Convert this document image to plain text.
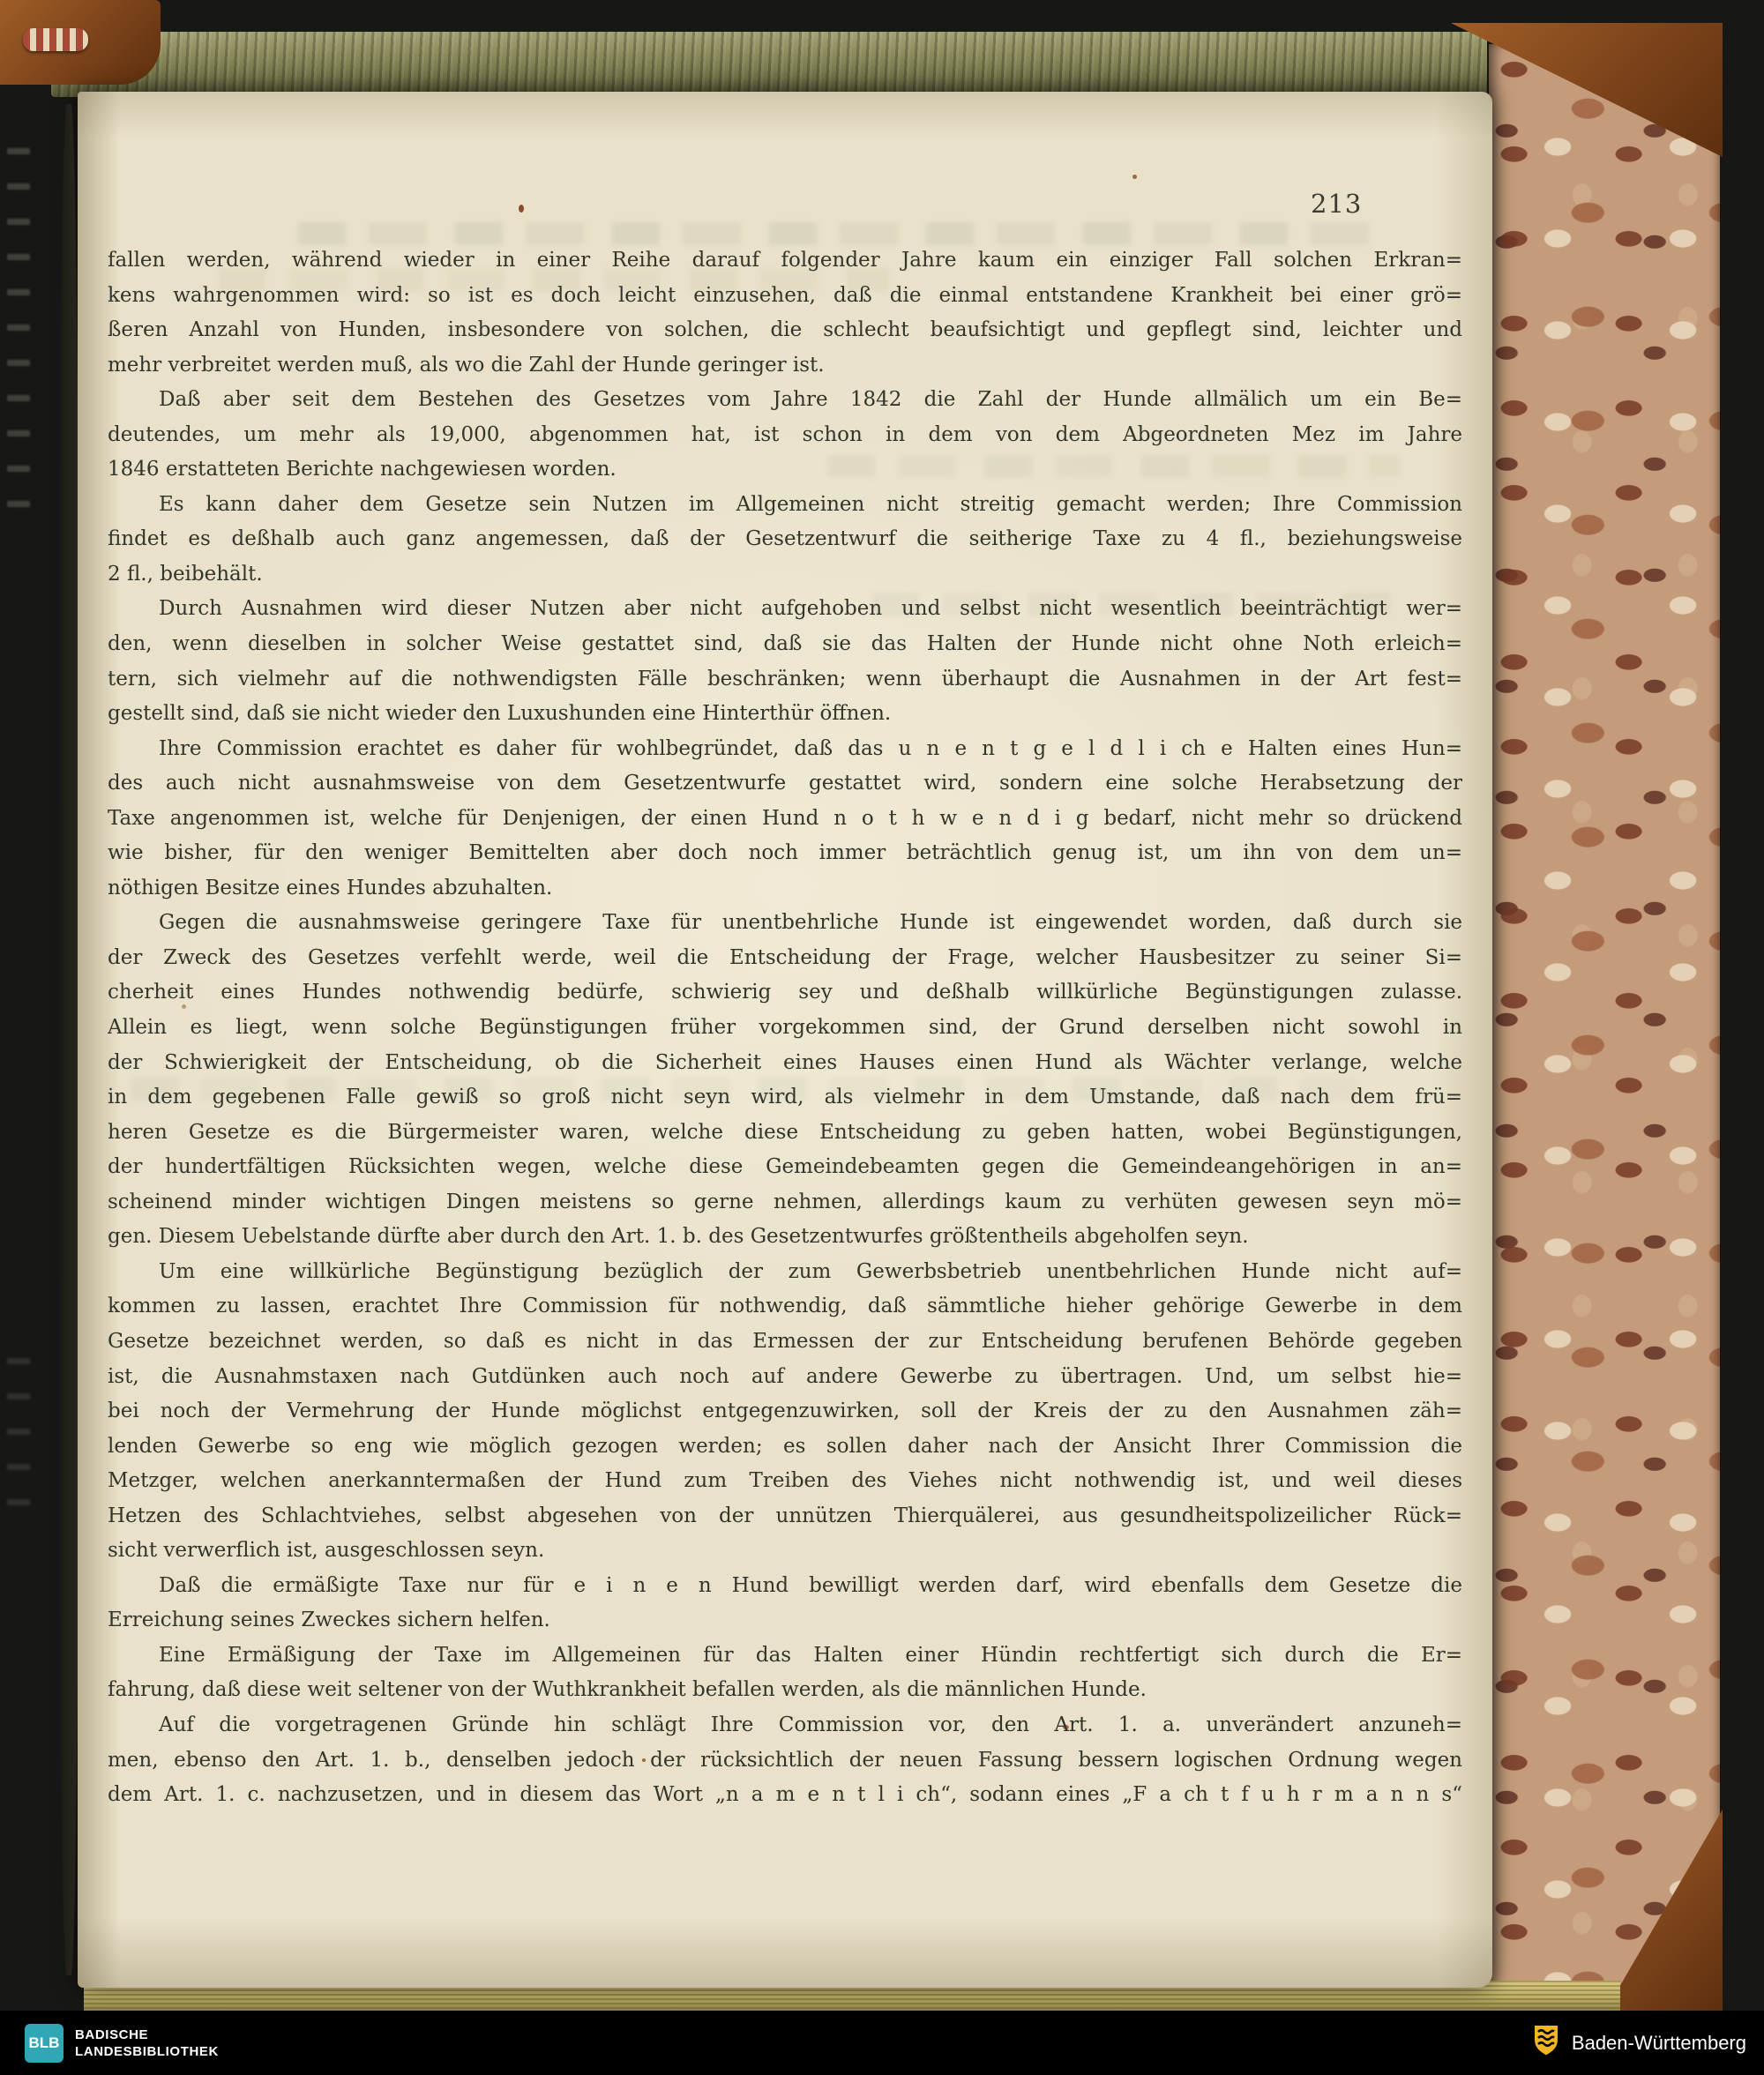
213
fallen werden, während wieder in einer Reihe darauf folgender Jahre kaum ein einziger Fall solchen Erkran=
kens wahrgenommen wird: so ist es doch leicht einzusehen, daß die einmal entstandene Krankheit bei einer grö=
ßeren Anzahl von Hunden, insbesondere von solchen, die schlecht beaufsichtigt und gepflegt sind, leichter und
mehr verbreitet werden muß, als wo die Zahl der Hunde geringer ist.
Daß aber seit dem Bestehen des Gesetzes vom Jahre 1842 die Zahl der Hunde allmälich um ein Be=
deutendes, um mehr als 19,000, abgenommen hat, ist schon in dem von dem Abgeordneten Mez im Jahre
1846 erstatteten Berichte nachgewiesen worden.
Es kann daher dem Gesetze sein Nutzen im Allgemeinen nicht streitig gemacht werden; Ihre Commission
findet es deßhalb auch ganz angemessen, daß der Gesetzentwurf die seitherige Taxe zu 4 fl., beziehungsweise
2 fl., beibehält.
Durch Ausnahmen wird dieser Nutzen aber nicht aufgehoben und selbst nicht wesentlich beeinträchtigt wer=
den, wenn dieselben in solcher Weise gestattet sind, daß sie das Halten der Hunde nicht ohne Noth erleich=
tern, sich vielmehr auf die nothwendigsten Fälle beschränken; wenn überhaupt die Ausnahmen in der Art fest=
gestellt sind, daß sie nicht wieder den Luxushunden eine Hinterthür öffnen.
Ihre Commission erachtet es daher für wohlbegründet, daß das u n e n t g e l d l i ch e Halten eines Hun=
des auch nicht ausnahmsweise von dem Gesetzentwurfe gestattet wird, sondern eine solche Herabsetzung der
Taxe angenommen ist, welche für Denjenigen, der einen Hund n o t h w e n d i g bedarf, nicht mehr so drückend
wie bisher, für den weniger Bemittelten aber doch noch immer beträchtlich genug ist, um ihn von dem un=
nöthigen Besitze eines Hundes abzuhalten.
Gegen die ausnahmsweise geringere Taxe für unentbehrliche Hunde ist eingewendet worden, daß durch sie
der Zweck des Gesetzes verfehlt werde, weil die Entscheidung der Frage, welcher Hausbesitzer zu seiner Si=
cherheit eines Hundes nothwendig bedürfe, schwierig sey und deßhalb willkürliche Begünstigungen zulasse.
Allein es liegt, wenn solche Begünstigungen früher vorgekommen sind, der Grund derselben nicht sowohl in
der Schwierigkeit der Entscheidung, ob die Sicherheit eines Hauses einen Hund als Wächter verlange, welche
in dem gegebenen Falle gewiß so groß nicht seyn wird, als vielmehr in dem Umstande, daß nach dem frü=
heren Gesetze es die Bürgermeister waren, welche diese Entscheidung zu geben hatten, wobei Begünstigungen,
der hundertfältigen Rücksichten wegen, welche diese Gemeindebeamten gegen die Gemeindeangehörigen in an=
scheinend minder wichtigen Dingen meistens so gerne nehmen, allerdings kaum zu verhüten gewesen seyn mö=
gen. Diesem Uebelstande dürfte aber durch den Art. 1. b. des Gesetzentwurfes größtentheils abgeholfen seyn.
Um eine willkürliche Begünstigung bezüglich der zum Gewerbsbetrieb unentbehrlichen Hunde nicht auf=
kommen zu lassen, erachtet Ihre Commission für nothwendig, daß sämmtliche hieher gehörige Gewerbe in dem
Gesetze bezeichnet werden, so daß es nicht in das Ermessen der zur Entscheidung berufenen Behörde gegeben
ist, die Ausnahmstaxen nach Gutdünken auch noch auf andere Gewerbe zu übertragen. Und, um selbst hie=
bei noch der Vermehrung der Hunde möglichst entgegenzuwirken, soll der Kreis der zu den Ausnahmen zäh=
lenden Gewerbe so eng wie möglich gezogen werden; es sollen daher nach der Ansicht Ihrer Commission die
Metzger, welchen anerkanntermaßen der Hund zum Treiben des Viehes nicht nothwendig ist, und weil dieses
Hetzen des Schlachtviehes, selbst abgesehen von der unnützen Thierquälerei, aus gesundheitspolizeilicher Rück=
sicht verwerflich ist, ausgeschlossen seyn.
Daß die ermäßigte Taxe nur für e i n e n Hund bewilligt werden darf, wird ebenfalls dem Gesetze die
Erreichung seines Zweckes sichern helfen.
Eine Ermäßigung der Taxe im Allgemeinen für das Halten einer Hündin rechtfertigt sich durch die Er=
fahrung, daß diese weit seltener von der Wuthkrankheit befallen werden, als die männlichen Hunde.
Auf die vorgetragenen Gründe hin schlägt Ihre Commission vor, den Art. 1. a. unverändert anzuneh=
men, ebenso den Art. 1. b., denselben jedoch der rücksichtlich der neuen Fassung bessern logischen Ordnung wegen
dem Art. 1. c. nachzusetzen, und in diesem das Wort „n a m e n t l i ch“, sodann eines „F a ch t f u h r m a n n s“
BLB	BADISCHE
LANDESBIBLIOTHEK	Baden-Württemberg
